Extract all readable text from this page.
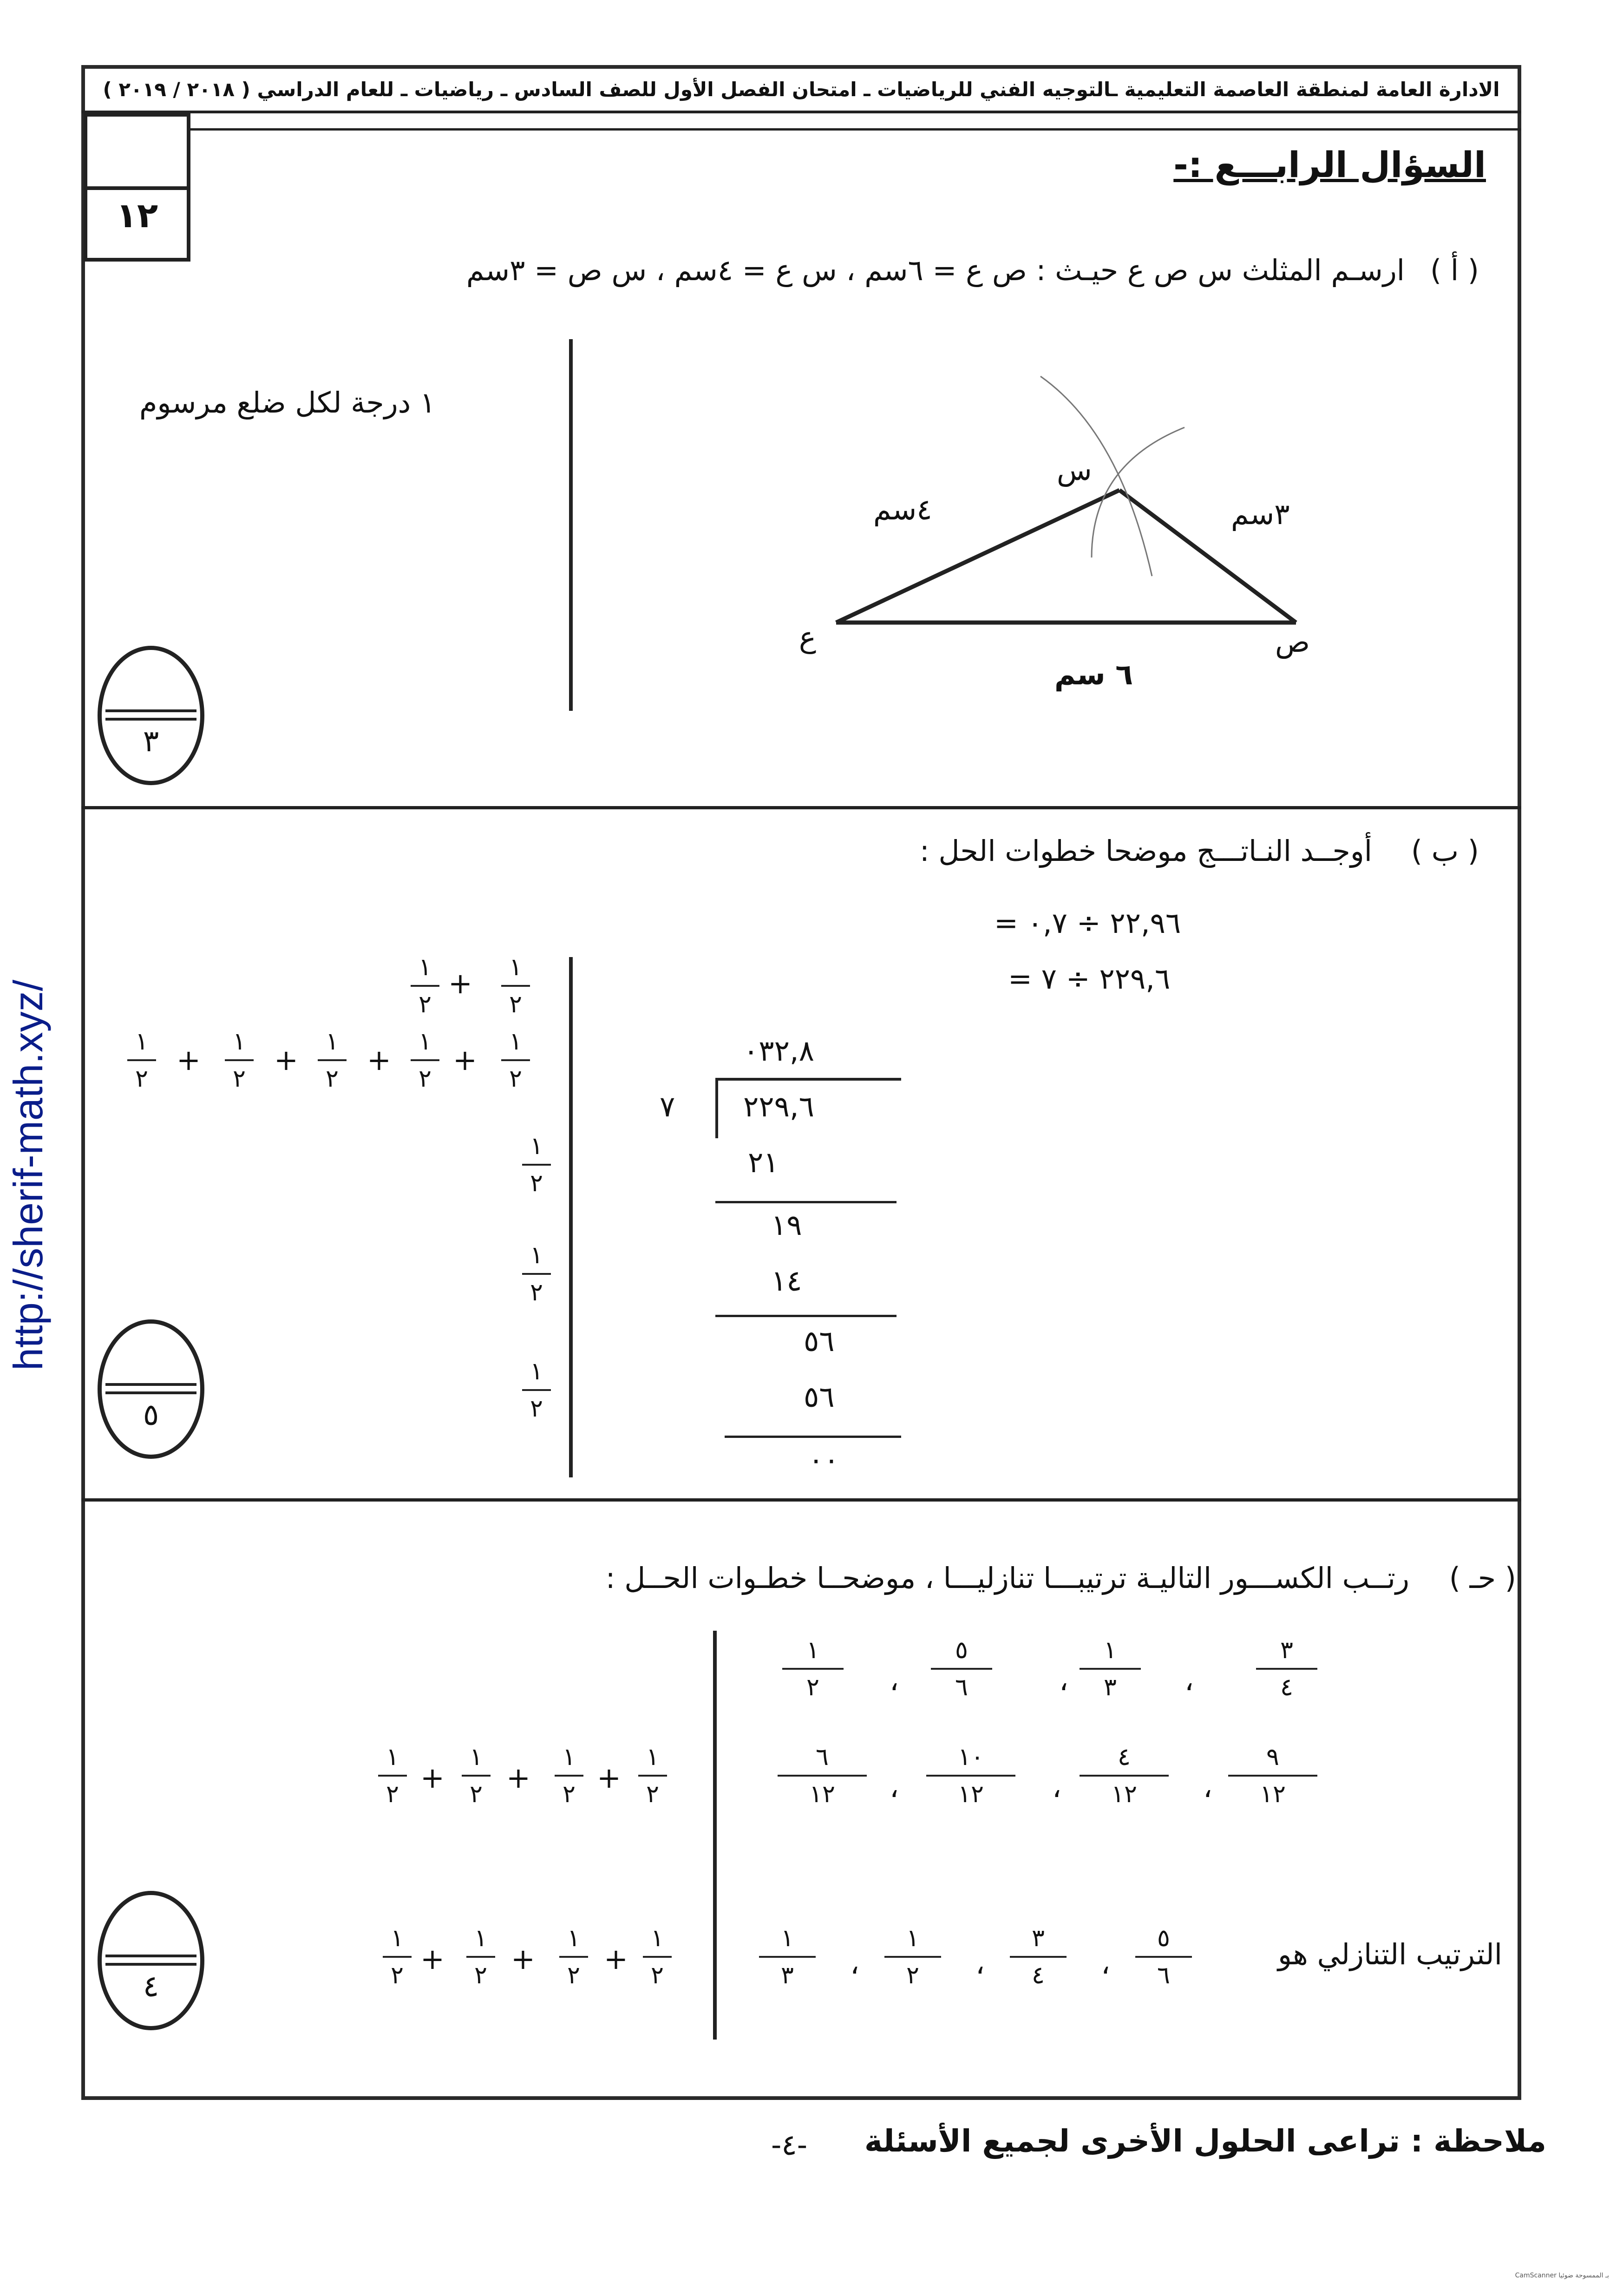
الادارة العامة لمنطقة العاصمة التعليمية ـالتوجيه الفني للرياضيات ـ امتحان الفصل الأول للصف السادس ـ رياضيات ـ للعام الدراسي ( ٢٠١٨ / ٢٠١٩ )
١٢
السؤال الرابـــع :-
( أ )
ارسـم المثلث س ص ع حيـث : ص ع = ٦سم ، س ع = ٤سم ، س ص = ٣سم
١ درجة لكل ضلع مرسوم
س
ص
ع
٤سم	٣سم
٦ سم
٣
( ب )
أوجــد النـاتـــج موضحا خطوات الحل :
٢٢,٩٦ ÷ ٠,٧ =
٢٢٩,٦ ÷ ٧ =
٠٣٢,٨
٧ ٢٢٩,٦
٢١
١٩
١٤
٥٦
٥٦
٠٠
١
٢
+	١
٢
١
٢
+
١
٢
+
١
٢
+
١
٢
+
١
٢
١
٢
١
٢
١
٢
٥
( حـ )
رتــب الكســـور التاليـة ترتيبـــا تنازليـــا ، موضحــا خطـوات الحــل :
٣
٤
،
١
٣
،
٥
٦
،
١
٢
٩
١٢
،
٤
١٢
،
١٠
١٢
،
٦
١٢
الترتيب التنازلي هو
٥
٦
،
٣
٤
،
١
٢
،
١
٣
١
٢ +
١
٢ +
١
٢ +
١
٢
١
٢ +
١
٢ +
١
٢ +
١
٢
٤
ملاحظة : تراعى الحلول الأخرى لجميع الأسئلة
-٤-
CamScanner بـ الممسوحة ضوئيا
http://sherif-math.xyz/
